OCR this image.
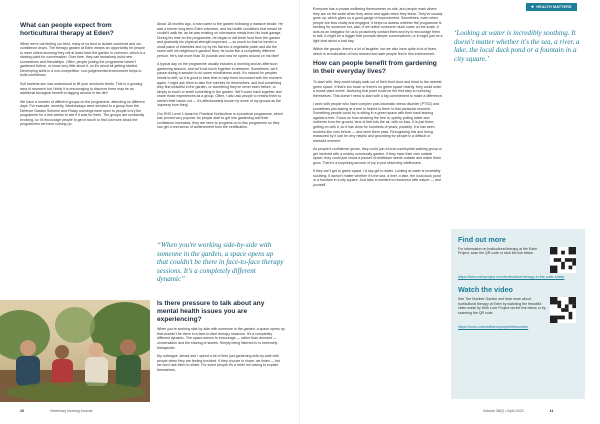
What can people expect from horticultural therapy at Eden?

When we're not feeling our best, many of us tend to isolate ourselves and our confidence drops. The therapy garden at Eden means an opportunity for people to meet others knowing they will at least have the garden in common, which is a starting point for conversation. Over time, they can tentatively build new connections and friendships. Often, people joining the programme haven't gardened before, or know very little about it, so it's about all getting started. Developing skills in a non-competitive, non-judgemental environment helps to build confidence.

Soil bacteria are now understood to lift your serotonin levels. This is a growing area of research but I think it is encouraging to discover there may be an additional biological benefit to digging around in the dirt!

We have a number of different groups on the programme, attending on different days. For example, recently, Wednesdays were devoted to a group from the Defence Garden Scheme and Friday mornings were open to people to try the programme for a few weeks to see if it was for them. The groups are constantly evolving, so I'd encourage people to get in touch to find out more about the programmes we have coming up.

About 18 months ago, a man came to the garden following a massive stroke. He was a former long-term Eden volunteer, and his health conditions that meant he couldn't walk far, as he was existing on microwave meals from his local garage. During his time on the programme, he began to eat fresh food from the garden and gradually his physical strength improved — so much so that he turned a small patch of brambles and ivy by his flat into a vegetable patch and did the same with his neighbour's garden! Now, he looks like a completely different person. He's lost more than 30 pounds and now he cycles around on his bike!

A typical day on the programme usually includes a morning and an afternoon gardening session, and we'll eat lunch together in between. Sometimes, we'll pause during a session to do some mindfulness work. It's natural for peoples minds to drift, so it is good to take time to help them reconnect with the moment again. I might ask them to take five minutes for themselves, and find something they find beautiful in the garden, or something they've never seen before, or simply to touch or smell something in the garden. We'll come back together and share those experiences as a group. Often, I also ask people to remind them to stretch their backs out — it's affectionately known by some of my groups as the 'squeezy bum thing'.

Our RHS Level 1 Award in Practical Horticulture is a practical programme, which has proved very popular. As people start to get into gardening and their confidence increases, they are keen to progress on to this programme so they can get a real sense of achievement from the certification.

“When you're working side-by-side with someone in the garden, a space opens up that couldn't be there in face-to-face therapy sessions. It's a completely different dynamic”
Is there pressure to talk about any mental health issues you are experiencing?

When you're working side-by-side with someone in the garden, a space opens up that wouldn't be there in a face-to-face therapy sessions. It's a completely different dynamic. The space seems to encourage — rather than demand — conversation and the sharing of stories. Simply being listened to is extremely therapeutic.

My colleague James and I spend a lot of time just gardening side-by-side with people when they are feeling troubled. If they choose to share, we listen — but we don't ask them to share. For some people it's a relief not having to explain themselves.

10	Veterinary Nursing Journal
❖ HEALTH MATTERS

Everyone has a private wellbeing thermometer on site, and people mark where they are on the scale when they arrive and again when they leave. They've usually gone up, which gives us a good gauge of improvement. Sometimes, even when people are less chatty and engaged, it helps us assess whether the programme is working for someone but, also, if we notice someone much lower on the scale, it acts as an instigator for us to proactively contact them and try to encourage them to talk. It might be a trigger that prompts deeper conversations, or it might just be a light chat about a bad day.

Within the groups, there's a lot of laughter, but we also have quite a lot of tears, which is an indication of how relaxed and safe people feel in this environment.

How can people benefit from gardening in their everyday lives?

To start with, they could simply walk out of their front door and head to the nearest green space. If that's too much or there's no green space nearby, they could order a house plant online. Nurturing that plant could be the first step to nurturing themselves. This doesn't need to start with a big commitment to make a difference.

I work with people who have complex post-traumatic stress disorder (PTSD) and sometimes just staring at a tree is helpful to them in that particular moment. Something people could try is sitting in a green space with their back leaning against a tree. Focus on how amazing the tree is; quietly pulling water and nutrients from the ground, tens of feet into the air, with no fuss. It is just there, getting on with it, so it has done for hundreds of years, possibly. It is has seen troubles like ours before — and seen them pass. Recognising this and being reassured by it can be very helpful and grounding for people in a difficult or stressful moment.

As people's confidence grows, they could join a local countryside walking group or get involved with a nearby community garden. If they have their own outside space, they could just chuck a packet of wildflower seeds outside and watch them grow. There's a surprising amount of joy in just observing wildflowers.

If they can't get to green space, I'd say get to water. Looking at water is incredibly soothing. It doesn't matter whether it's the sea, a river, a lake, the local duck pond or a fountain in a city square. Just take a moment to reconnect with nature — and yourself.

‘Looking at water is incredibly soothing. It doesn't matter whether it's the sea, a river, a lake, the local duck pond or a fountain in a city square.’
Find out more
For information on horticultural therapy at the Eden Project, scan the QR code or click the link below
https://www.edenproject.com/horticultural-therapy-in-the-outer-estate
Watch the video
See The Number Garden and hear more about horticultural therapy at Eden by watching the beautiful video made by With Love Project via the link below or by scanning the QR code
https://vimeo.com/withlove/project/thenumber
Volume 38(2) • April 2022	11
